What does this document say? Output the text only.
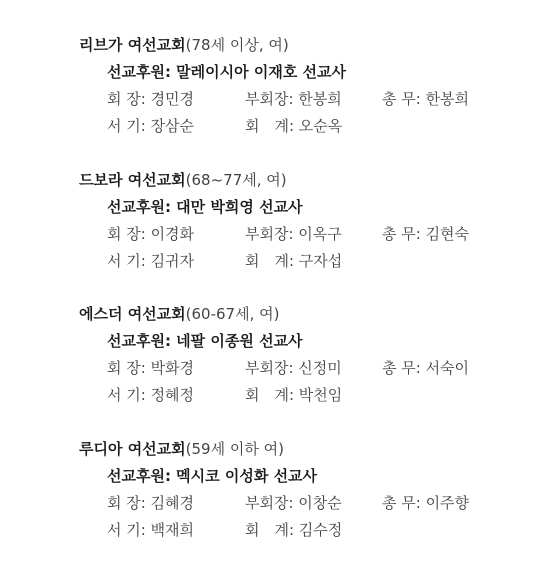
리브가 여선교회(78세 이상, 여)
선교후원: 말레이시아 이재호 선교사
회 장: 경민경	부회장: 한봉희	총 무: 한봉희
서 기: 장삼순	회　계: 오순옥
드보라 여선교회(68~77세, 여)
선교후원: 대만 박희영 선교사
회 장: 이경화	부회장: 이옥구	총 무: 김현숙
서 기: 김귀자	회　계: 구자섭
에스더 여선교회(60-67세, 여)
선교후원: 네팔 이종원 선교사
회 장: 박화경	부회장: 신정미	총 무: 서숙이
서 기: 정혜정	회　계: 박천임
루디아 여선교회(59세 이하 여)
선교후원: 멕시코 이성화 선교사
회 장: 김혜경	부회장: 이창순	총 무: 이주향
서 기: 백재희	회　계: 김수정
